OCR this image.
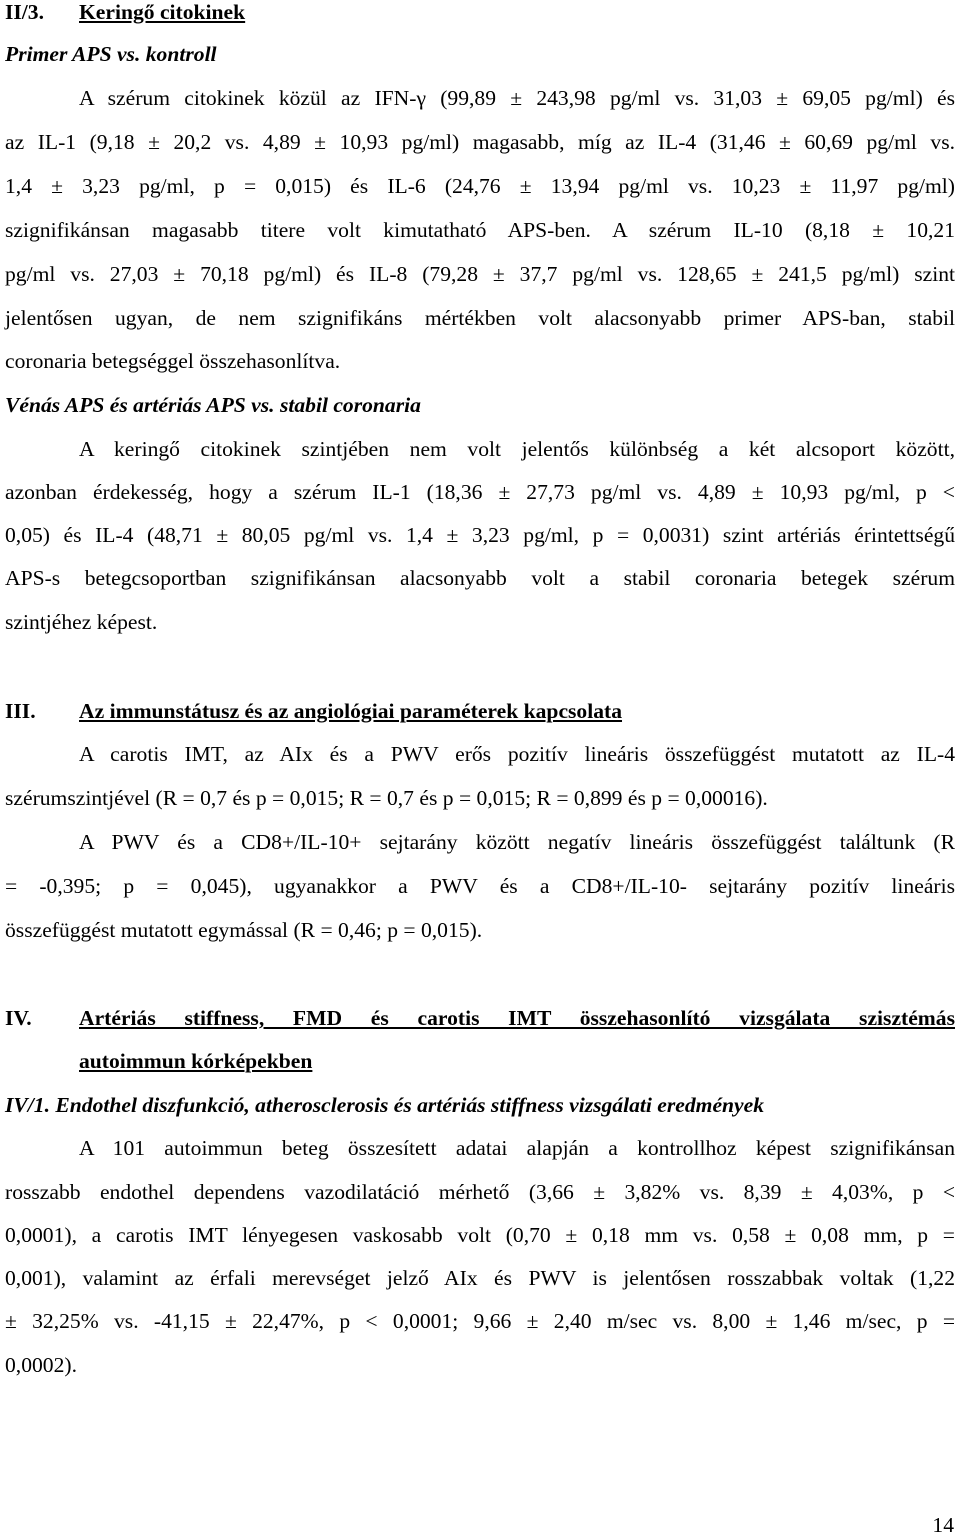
II/3. Keringő citokinek
Primer APS vs. kontroll
A szérum citokinek közül az IFN-γ (99,89 ± 243,98 pg/ml vs. 31,03 ± 69,05 pg/ml) és
az IL-1 (9,18 ± 20,2 vs. 4,89 ± 10,93 pg/ml) magasabb, míg az IL-4 (31,46 ± 60,69 pg/ml vs.
1,4 ± 3,23 pg/ml, p = 0,015) és IL-6 (24,76 ± 13,94 pg/ml vs. 10,23 ± 11,97 pg/ml)
szignifikánsan magasabb titere volt kimutatható APS-ben. A szérum IL-10 (8,18 ± 10,21
pg/ml vs. 27,03 ± 70,18 pg/ml) és IL-8 (79,28 ± 37,7 pg/ml vs. 128,65 ± 241,5 pg/ml) szint
jelentősen ugyan, de nem szignifikáns mértékben volt alacsonyabb primer APS-ban, stabil
coronaria betegséggel összehasonlítva.
Vénás APS és artériás APS vs. stabil coronaria
A keringő citokinek szintjében nem volt jelentős különbség a két alcsoport között,
azonban érdekesség, hogy a szérum IL-1 (18,36 ± 27,73 pg/ml vs. 4,89 ± 10,93 pg/ml, p <
0,05) és IL-4 (48,71 ± 80,05 pg/ml vs. 1,4 ± 3,23 pg/ml, p = 0,0031) szint artériás érintettségű
APS-s betegcsoportban szignifikánsan alacsonyabb volt a stabil coronaria betegek szérum
szintjéhez képest.
III. Az immunstátusz és az angiológiai paraméterek kapcsolata
A carotis IMT, az AIx és a PWV erős pozitív lineáris összefüggést mutatott az IL-4
szérumszintjével (R = 0,7 és p = 0,015; R = 0,7 és p = 0,015; R = 0,899 és p = 0,00016).
A PWV és a CD8+/IL-10+ sejtarány között negatív lineáris összefüggést találtunk (R
= -0,395; p = 0,045), ugyanakkor a PWV és a CD8+/IL-10- sejtarány pozitív lineáris
összefüggést mutatott egymással (R = 0,46; p = 0,015).
IV. Artériás stiffness, FMD és carotis IMT összehasonlító vizsgálata szisztémás
autoimmun kórképekben
IV/1. Endothel diszfunkció, atherosclerosis és artériás stiffness vizsgálati eredmények
A 101 autoimmun beteg összesített adatai alapján a kontrollhoz képest szignifikánsan
rosszabb endothel dependens vazodilatáció mérhető (3,66 ± 3,82% vs. 8,39 ± 4,03%, p <
0,0001), a carotis IMT lényegesen vaskosabb volt (0,70 ± 0,18 mm vs. 0,58 ± 0,08 mm, p =
0,001), valamint az érfali merevséget jelző AIx és PWV is jelentősen rosszabbak voltak (1,22
± 32,25% vs. -41,15 ± 22,47%, p < 0,0001; 9,66 ± 2,40 m/sec vs. 8,00 ± 1,46 m/sec, p =
0,0002).
14
